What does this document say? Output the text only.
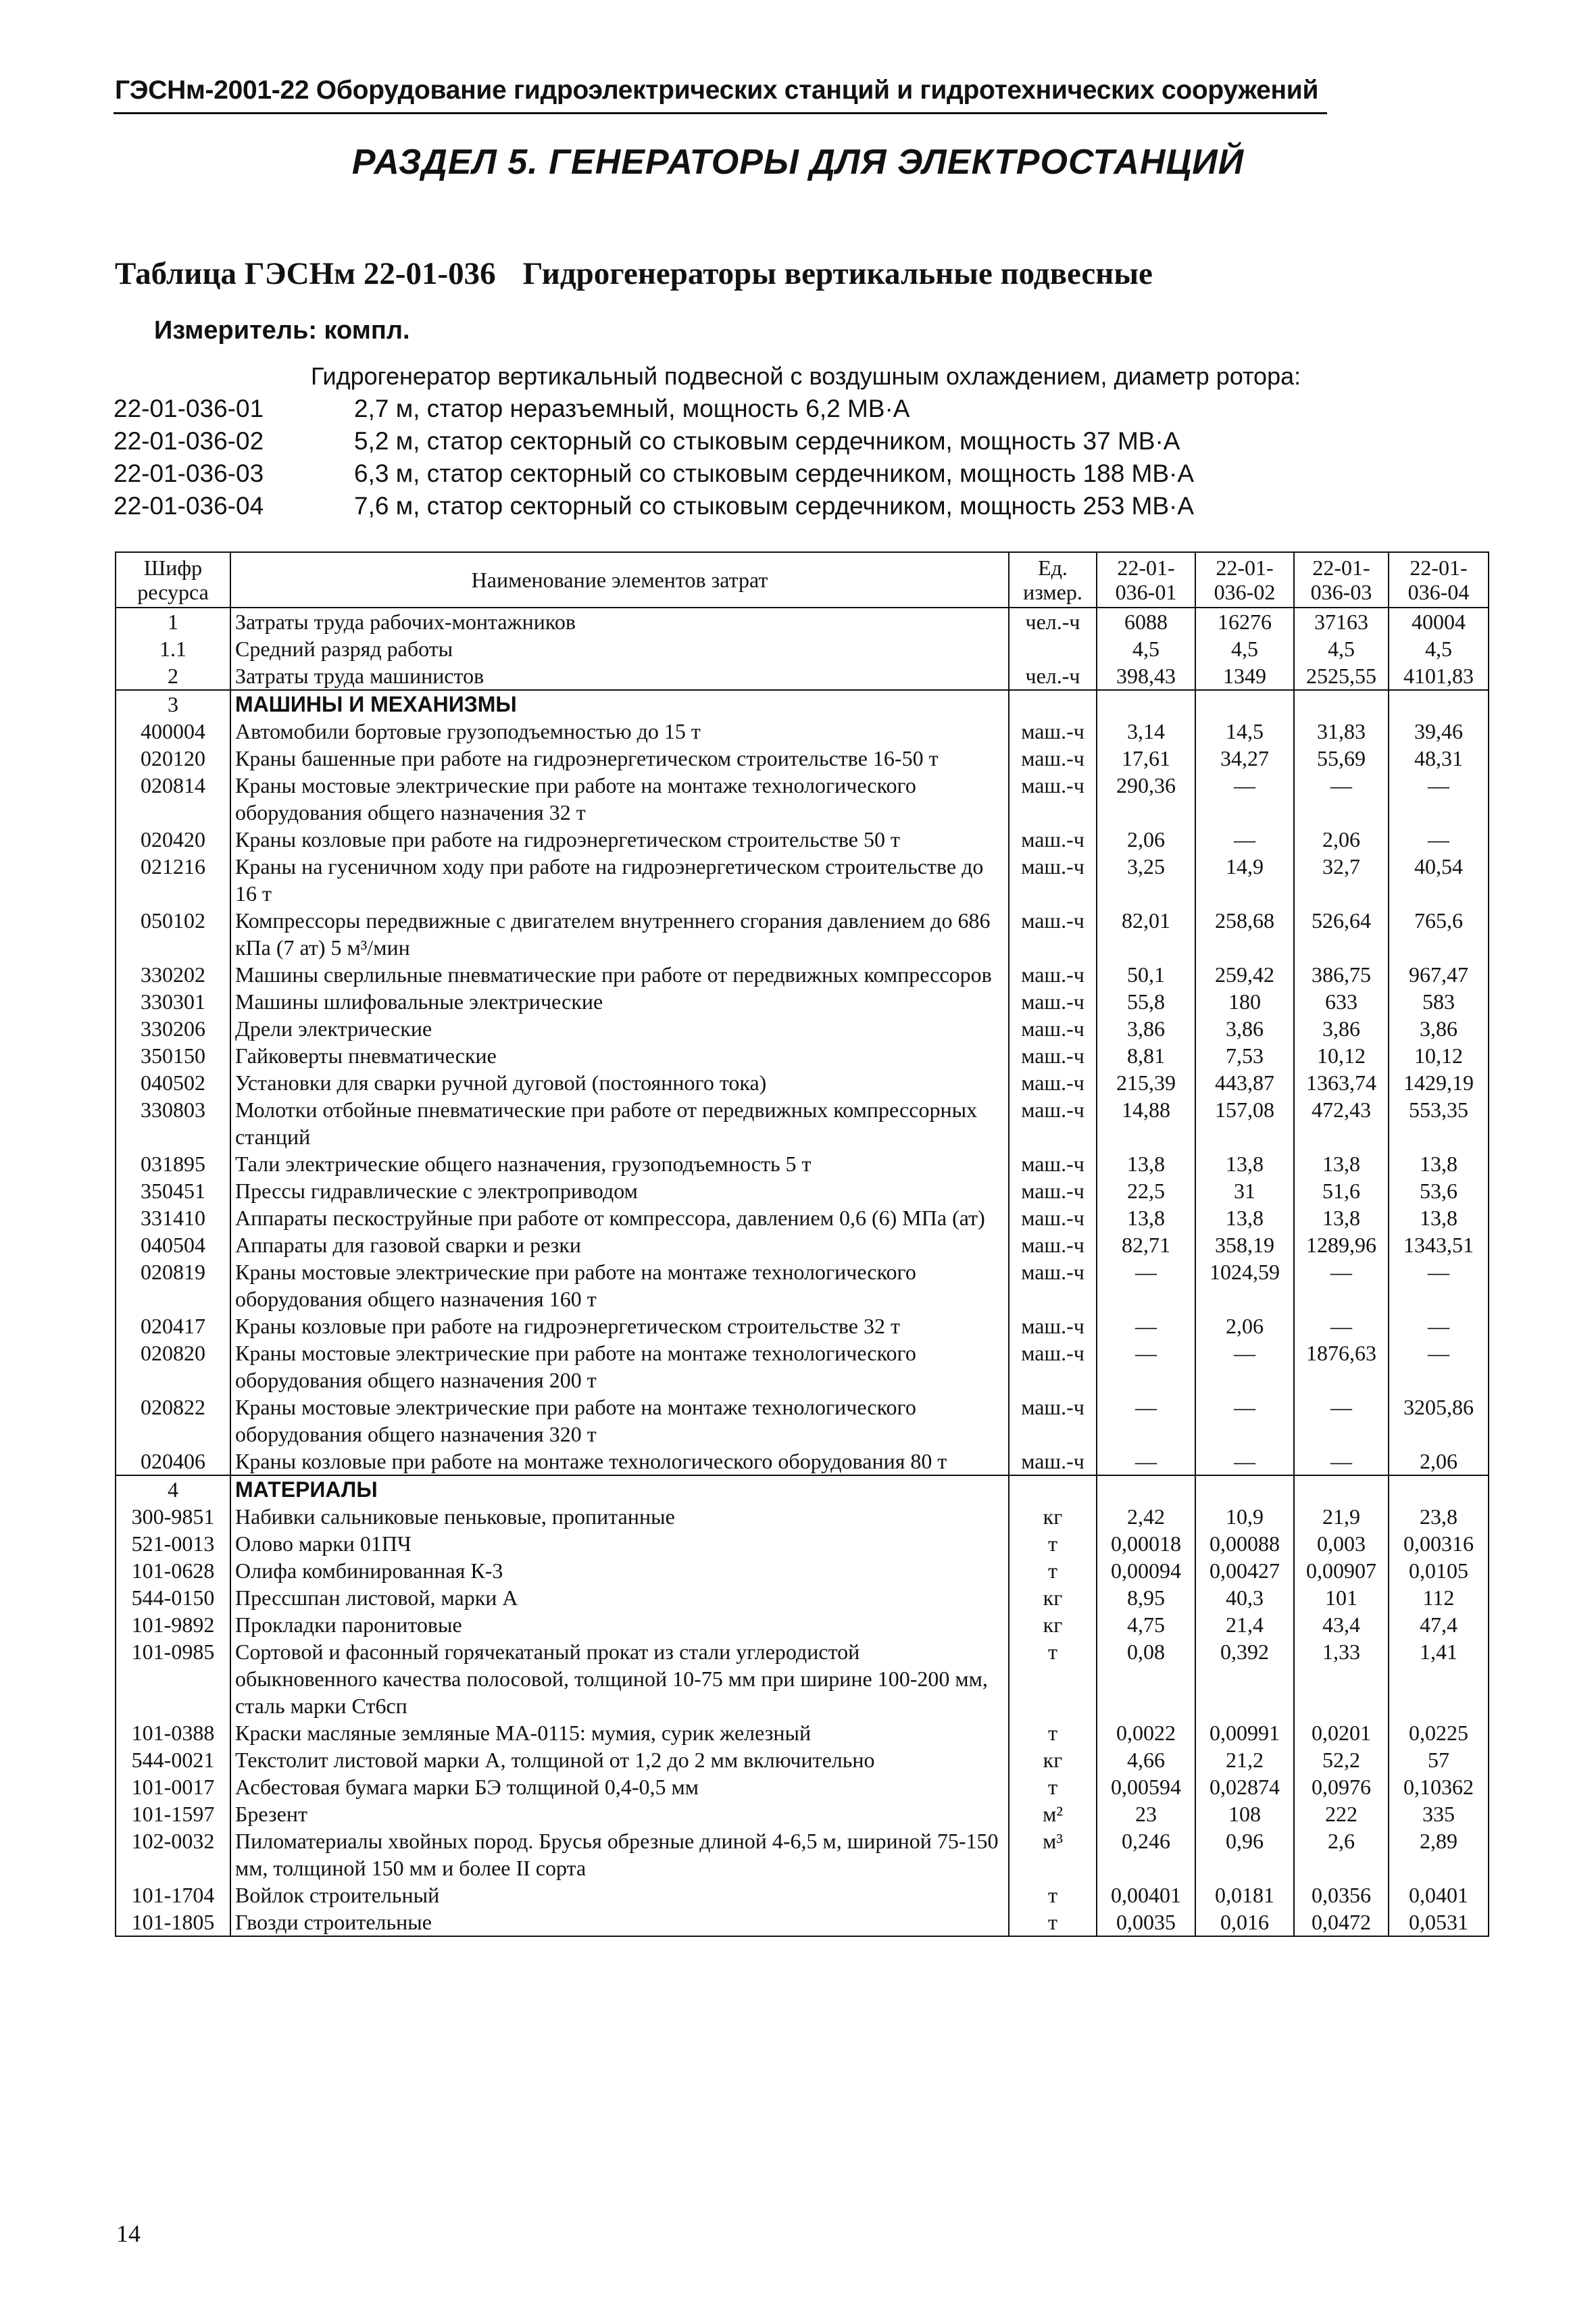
ГЭСНм-2001-22 Оборудование гидроэлектрических станций и гидротехнических сооружений
РАЗДЕЛ 5. ГЕНЕРАТОРЫ ДЛЯ ЭЛЕКТРОСТАНЦИЙ
Таблица ГЭСНм 22-01-036 Гидрогенераторы вертикальные подвесные
Измеритель: компл.
Гидрогенератор вертикальный подвесной с воздушным охлаждением, диаметр ротора:
22-01-036-01	2,7 м, статор неразъемный, мощность 6,2 МВ·А
22-01-036-02	5,2 м, статор секторный со стыковым сердечником, мощность 37 МВ·А
22-01-036-03	6,3 м, статор секторный со стыковым сердечником, мощность 188 МВ·А
22-01-036-04	7,6 м, статор секторный со стыковым сердечником, мощность 253 МВ·А
Шифр ресурса	Наименование элементов затрат	Ед. измер.	22-01-036-01	22-01-036-02	22-01-036-03	22-01-036-04
1	Затраты труда рабочих-монтажников	чел.-ч	6088	16276	37163	40004
1.1	Средний разряд работы		4,5	4,5	4,5	4,5
2	Затраты труда машинистов	чел.-ч	398,43	1349	2525,55	4101,83
3	МАШИНЫ И МЕХАНИЗМЫ					
400004	Автомобили бортовые грузоподъемностью до 15 т	маш.-ч	3,14	14,5	31,83	39,46
020120	Краны башенные при работе на гидроэнергетическом строительстве 16-50 т	маш.-ч	17,61	34,27	55,69	48,31
020814	Краны мостовые электрические при работе на монтаже технологического оборудования общего назначения 32 т	маш.-ч	290,36	—	—	—
020420	Краны козловые при работе на гидроэнергетическом строительстве 50 т	маш.-ч	2,06	—	2,06	—
021216	Краны на гусеничном ходу при работе на гидроэнергетическом строительстве до 16 т	маш.-ч	3,25	14,9	32,7	40,54
050102	Компрессоры передвижные с двигателем внутреннего сгорания давлением до 686 кПа (7 ат) 5 м³/мин	маш.-ч	82,01	258,68	526,64	765,6
330202	Машины сверлильные пневматические при работе от передвижных компрессоров	маш.-ч	50,1	259,42	386,75	967,47
330301	Машины шлифовальные электрические	маш.-ч	55,8	180	633	583
330206	Дрели электрические	маш.-ч	3,86	3,86	3,86	3,86
350150	Гайковерты пневматические	маш.-ч	8,81	7,53	10,12	10,12
040502	Установки для сварки ручной дуговой (постоянного тока)	маш.-ч	215,39	443,87	1363,74	1429,19
330803	Молотки отбойные пневматические при работе от передвижных компрессорных станций	маш.-ч	14,88	157,08	472,43	553,35
031895	Тали электрические общего назначения, грузоподъемность 5 т	маш.-ч	13,8	13,8	13,8	13,8
350451	Прессы гидравлические с электроприводом	маш.-ч	22,5	31	51,6	53,6
331410	Аппараты пескоструйные при работе от компрессора, давлением 0,6 (6) МПа (ат)	маш.-ч	13,8	13,8	13,8	13,8
040504	Аппараты для газовой сварки и резки	маш.-ч	82,71	358,19	1289,96	1343,51
020819	Краны мостовые электрические при работе на монтаже технологического оборудования общего назначения 160 т	маш.-ч	—	1024,59	—	—
020417	Краны козловые при работе на гидроэнергетическом строительстве 32 т	маш.-ч	—	2,06	—	—
020820	Краны мостовые электрические при работе на монтаже технологического оборудования общего назначения 200 т	маш.-ч	—	—	1876,63	—
020822	Краны мостовые электрические при работе на монтаже технологического оборудования общего назначения 320 т	маш.-ч	—	—	—	3205,86
020406	Краны козловые при работе на монтаже технологического оборудования 80 т	маш.-ч	—	—	—	2,06
4	МАТЕРИАЛЫ					
300-9851	Набивки сальниковые пеньковые, пропитанные	кг	2,42	10,9	21,9	23,8
521-0013	Олово марки 01ПЧ	т	0,00018	0,00088	0,003	0,00316
101-0628	Олифа комбинированная К-3	т	0,00094	0,00427	0,00907	0,0105
544-0150	Прессшпан листовой, марки А	кг	8,95	40,3	101	112
101-9892	Прокладки паронитовые	кг	4,75	21,4	43,4	47,4
101-0985	Сортовой и фасонный горячекатаный прокат из стали углеродистой обыкновенного качества полосовой, толщиной 10-75 мм при ширине 100-200 мм, сталь марки Ст6сп	т	0,08	0,392	1,33	1,41
101-0388	Краски масляные земляные МА-0115: мумия, сурик железный	т	0,0022	0,00991	0,0201	0,0225
544-0021	Текстолит листовой марки А, толщиной от 1,2 до 2 мм включительно	кг	4,66	21,2	52,2	57
101-0017	Асбестовая бумага марки БЭ толщиной 0,4-0,5 мм	т	0,00594	0,02874	0,0976	0,10362
101-1597	Брезент	м²	23	108	222	335
102-0032	Пиломатериалы хвойных пород. Брусья обрезные длиной 4-6,5 м, шириной 75-150 мм, толщиной 150 мм и более II сорта	м³	0,246	0,96	2,6	2,89
101-1704	Войлок строительный	т	0,00401	0,0181	0,0356	0,0401
101-1805	Гвозди строительные	т	0,0035	0,016	0,0472	0,0531
14
